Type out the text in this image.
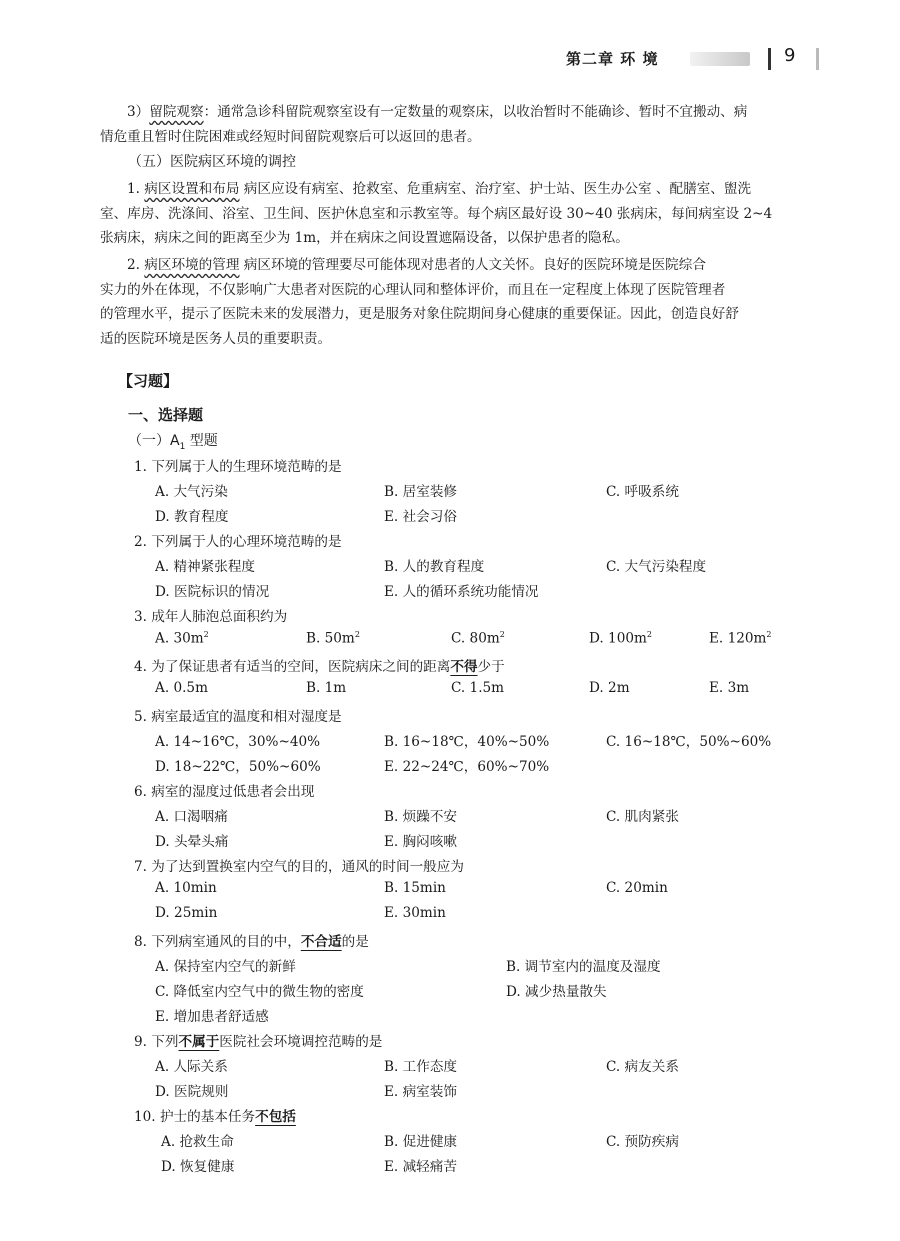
第二章 环 境	9
3）留院观察：通常急诊科留院观察室设有一定数量的观察床，以收治暂时不能确诊、暂时不宜搬动、病
情危重且暂时住院困难或经短时间留院观察后可以返回的患者。
（五）医院病区环境的调控
1. 病区设置和布局 病区应设有病室、抢救室、危重病室、治疗室、护士站、医生办公室 、配膳室、盥洗
室、库房、洗涤间、浴室、卫生间、医护休息室和示教室等。每个病区最好设 30~40 张病床，每间病室设 2~4
张病床，病床之间的距离至少为 1m，并在病床之间设置遮隔设备，以保护患者的隐私。
2. 病区环境的管理 病区环境的管理要尽可能体现对患者的人文关怀。良好的医院环境是医院综合
实力的外在体现，不仅影响广大患者对医院的心理认同和整体评价，而且在一定程度上体现了医院管理者
的管理水平，提示了医院未来的发展潜力，更是服务对象住院期间身心健康的重要保证。因此，创造良好舒
适的医院环境是医务人员的重要职责。
【习题】
一、选择题
（一）$A_1$ 型题
1. 下列属于人的生理环境范畴的是
A. 大气污染	B. 居室装修	C. 呼吸系统
D. 教育程度	E. 社会习俗
2. 下列属于人的心理环境范畴的是
A. 精神紧张程度	B. 人的教育程度	C. 大气污染程度
D. 医院标识的情况	E. 人的循环系统功能情况
3. 成年人肺泡总面积约为
A. $30m^2$	B. $50m^2$	C. $80m^2$	D. $100m^2$	E. $120m^2$
4. 为了保证患者有适当的空间，医院病床之间的距离不得少于
A. 0.5m	B. 1m	C. 1.5m	D. 2m	E. 3m
5. 病室最适宜的温度和相对湿度是
A. 14~16℃，30%~40%	B. 16~18℃，40%~50%	C. 16~18℃，50%~60%
D. 18~22℃，50%~60%	E. 22~24℃，60%~70%
6. 病室的湿度过低患者会出现
A. 口渴咽痛	B. 烦躁不安	C. 肌肉紧张
D. 头晕头痛	E. 胸闷咳嗽
7. 为了达到置换室内空气的目的，通风的时间一般应为
A. 10min	B. 15min	C. 20min
D. 25min	E. 30min
8. 下列病室通风的目的中，不合适的是
A. 保持室内空气的新鲜	B. 调节室内的温度及湿度
C. 降低室内空气中的微生物的密度	D. 减少热量散失
E. 增加患者舒适感
9. 下列不属于医院社会环境调控范畴的是
A. 人际关系	B. 工作态度	C. 病友关系
D. 医院规则	E. 病室装饰
10. 护士的基本任务不包括
A. 抢救生命	B. 促进健康	C. 预防疾病
D. 恢复健康	E. 减轻痛苦
